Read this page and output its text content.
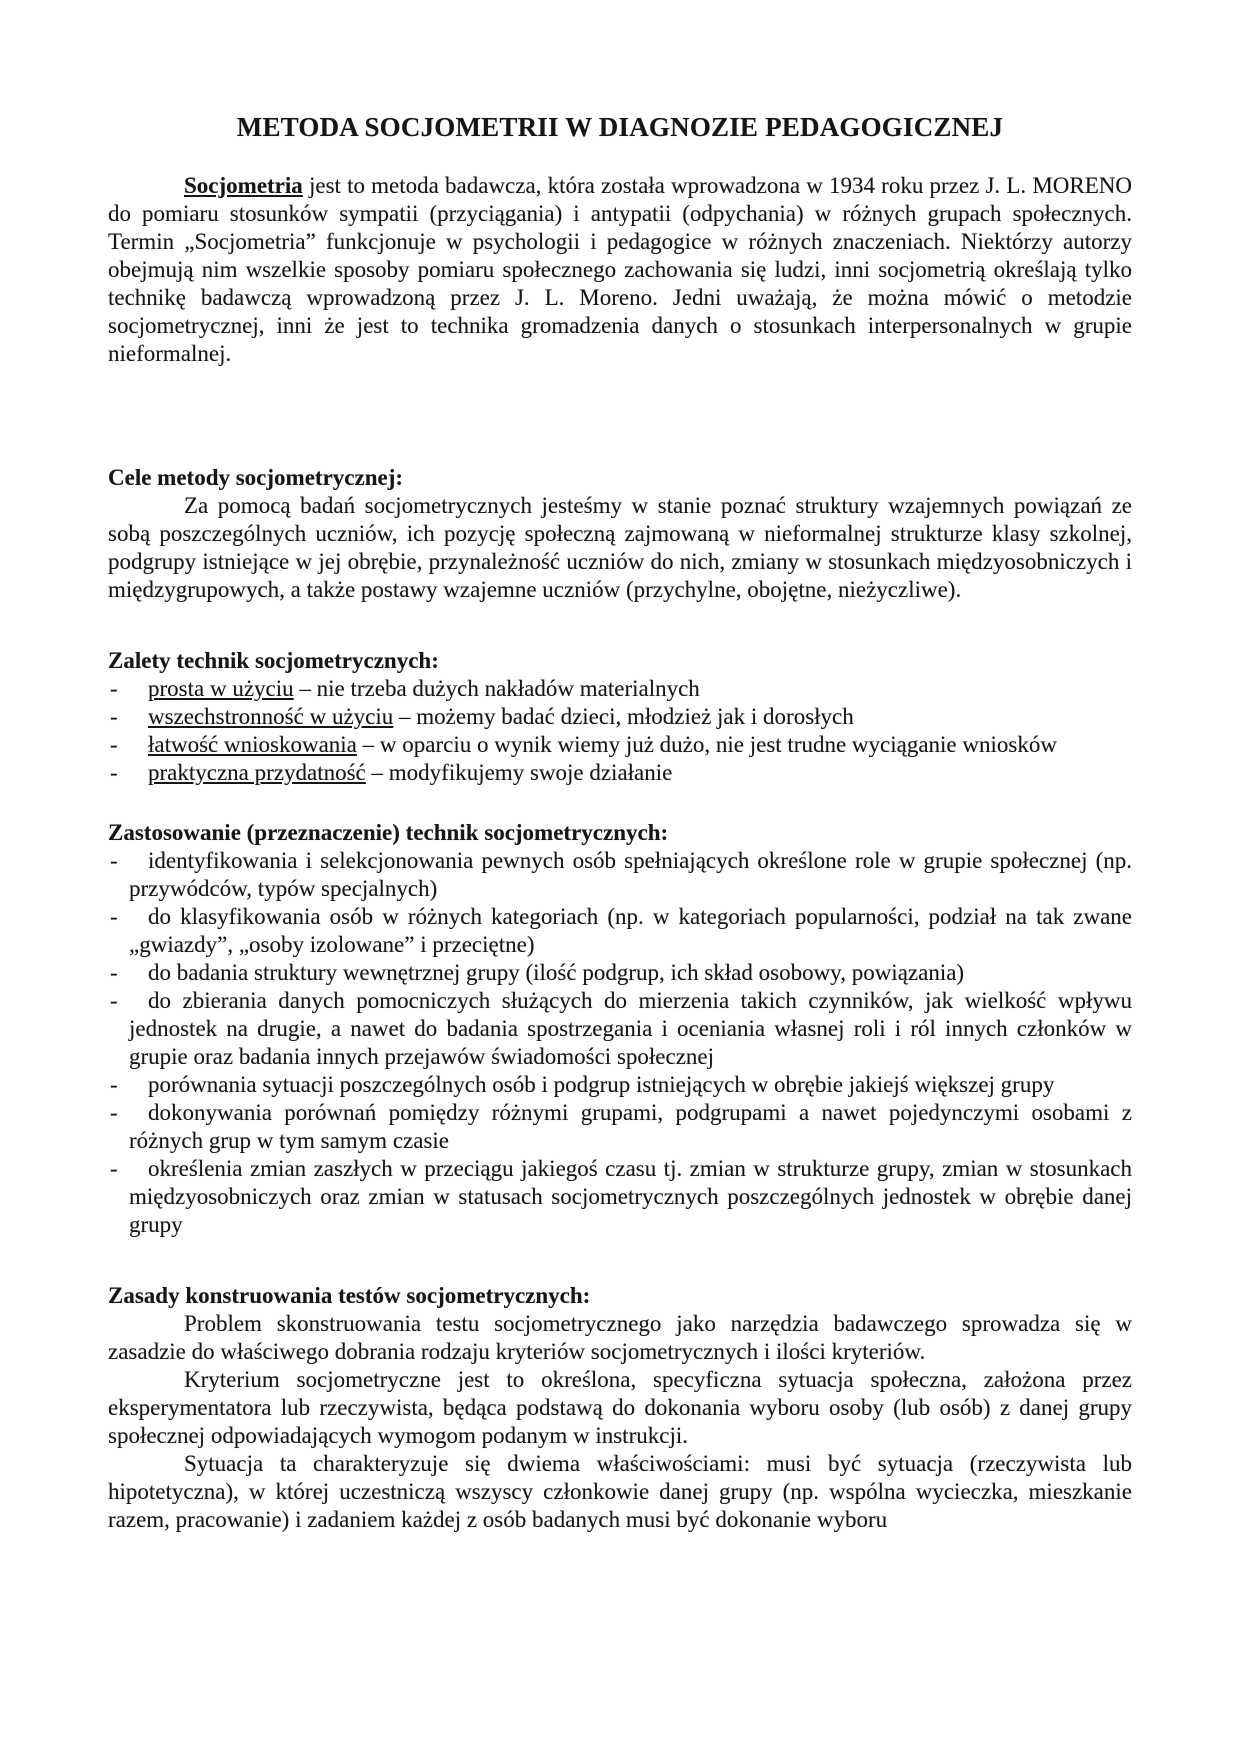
METODA SOCJOMETRII W DIAGNOZIE PEDAGOGICZNEJ

Socjometria jest to metoda badawcza, która została wprowadzona w 1934 roku przez J. L. MORENO do pomiaru stosunków sympatii (przyciągania) i antypatii (odpychania) w różnych grupach społecznych. Termin „Socjometria” funkcjonuje w psychologii i pedagogice w różnych znaczeniach. Niektórzy autorzy obejmują nim wszelkie sposoby pomiaru społecznego zachowania się ludzi, inni socjometrią określają tylko technikę badawczą wprowadzoną przez J. L. Moreno. Jedni uważają, że można mówić o metodzie socjometrycznej, inni że jest to technika gromadzenia danych o stosunkach interpersonalnych w grupie nieformalnej.

Cele metody socjometrycznej:

Za pomocą badań socjometrycznych jesteśmy w stanie poznać struktury wzajemnych powiązań ze sobą poszczególnych uczniów, ich pozycję społeczną zajmowaną w nieformalnej strukturze klasy szkolnej, podgrupy istniejące w jej obrębie, przynależność uczniów do nich, zmiany w stosunkach międzyosobniczych i międzygrupowych, a także postawy wzajemne uczniów (przychylne, obojętne, nieżyczliwe).

Zalety technik socjometrycznych:
- prosta w użyciu – nie trzeba dużych nakładów materialnych
- wszechstronność w użyciu – możemy badać dzieci, młodzież jak i dorosłych
- łatwość wnioskowania – w oparciu o wynik wiemy już dużo, nie jest trudne wyciąganie wniosków
- praktyczna przydatność – modyfikujemy swoje działanie
Zastosowanie (przeznaczenie) technik socjometrycznych:
- identyfikowania i selekcjonowania pewnych osób spełniających określone role w grupie społecznej (np. przywódców, typów specjalnych)
- do klasyfikowania osób w różnych kategoriach (np. w kategoriach popularności, podział na tak zwane „gwiazdy”, „osoby izolowane” i przeciętne)
- do badania struktury wewnętrznej grupy (ilość podgrup, ich skład osobowy, powiązania)
- do zbierania danych pomocniczych służących do mierzenia takich czynników, jak wielkość wpływu jednostek na drugie, a nawet do badania spostrzegania i oceniania własnej roli i ról innych członków w grupie oraz badania innych przejawów świadomości społecznej
- porównania sytuacji poszczególnych osób i podgrup istniejących w obrębie jakiejś większej grupy
- dokonywania porównań pomiędzy różnymi grupami, podgrupami a nawet pojedynczymi osobami z różnych grup w tym samym czasie
- określenia zmian zaszłych w przeciągu jakiegoś czasu tj. zmian w strukturze grupy, zmian w stosunkach międzyosobniczych oraz zmian w statusach socjometrycznych poszczególnych jednostek w obrębie danej grupy
Zasady konstruowania testów socjometrycznych:

Problem skonstruowania testu socjometrycznego jako narzędzia badawczego sprowadza się w zasadzie do właściwego dobrania rodzaju kryteriów socjometrycznych i ilości kryteriów.

Kryterium socjometryczne jest to określona, specyficzna sytuacja społeczna, założona przez eksperymentatora lub rzeczywista, będąca podstawą do dokonania wyboru osoby (lub osób) z danej grupy społecznej odpowiadających wymogom podanym w instrukcji.

Sytuacja ta charakteryzuje się dwiema właściwościami: musi być sytuacja (rzeczywista lub hipotetyczna), w której uczestniczą wszyscy członkowie danej grupy (np. wspólna wycieczka, mieszkanie razem, pracowanie) i zadaniem każdej z osób badanych musi być dokonanie wyboru
